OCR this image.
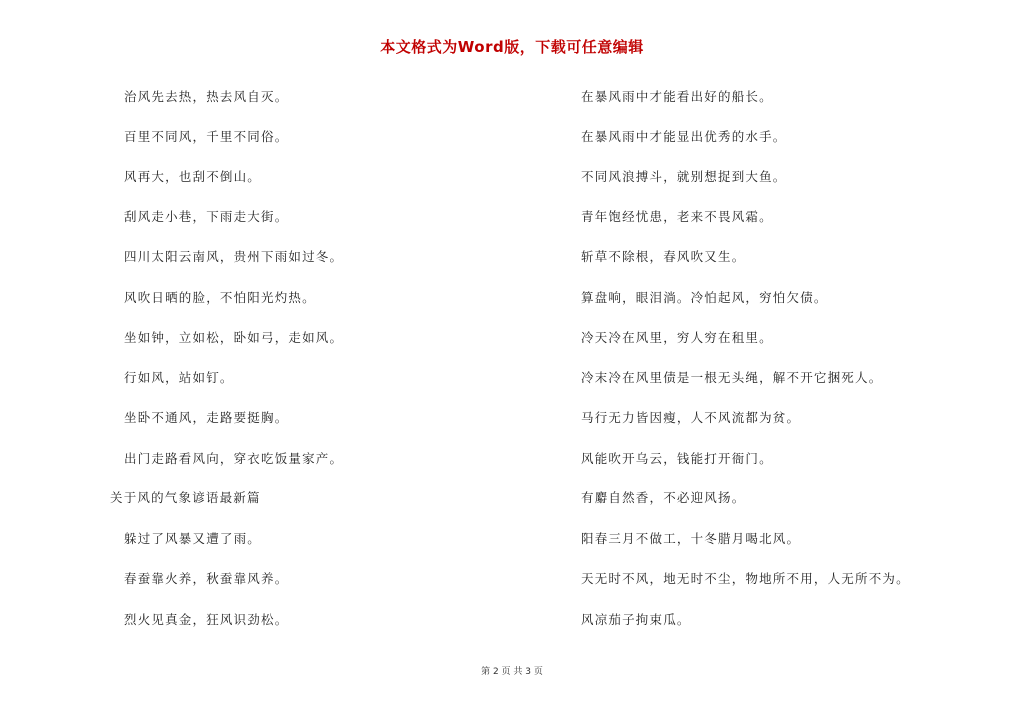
本文格式为Word版，下载可任意编辑
治风先去热，热去风自灭。
百里不同风，千里不同俗。
风再大，也刮不倒山。
刮风走小巷，下雨走大街。
四川太阳云南风，贵州下雨如过冬。
风吹日晒的脸，不怕阳光灼热。
坐如钟，立如松，卧如弓，走如风。
行如风，站如钉。
坐卧不通风，走路要挺胸。
出门走路看风向，穿衣吃饭量家产。
关于风的气象谚语最新篇
躲过了风暴又遭了雨。
春蚕靠火养，秋蚕靠风养。
烈火见真金，狂风识劲松。
在暴风雨中才能看出好的船长。
在暴风雨中才能显出优秀的水手。
不同风浪搏斗，就别想捉到大鱼。
青年饱经忧患，老来不畏风霜。
斩草不除根，春风吹又生。
算盘响，眼泪淌。冷怕起风，穷怕欠债。
冷天冷在风里，穷人穷在租里。
冷末冷在风里债是一根无头绳，解不开它捆死人。
马行无力皆因瘦，人不风流都为贫。
风能吹开乌云，钱能打开衙门。
有麝自然香，不必迎风扬。
阳春三月不做工，十冬腊月喝北风。
天无时不风，地无时不尘，物地所不用，人无所不为。
风凉茄子拘束瓜。
第 2 页 共 3 页
